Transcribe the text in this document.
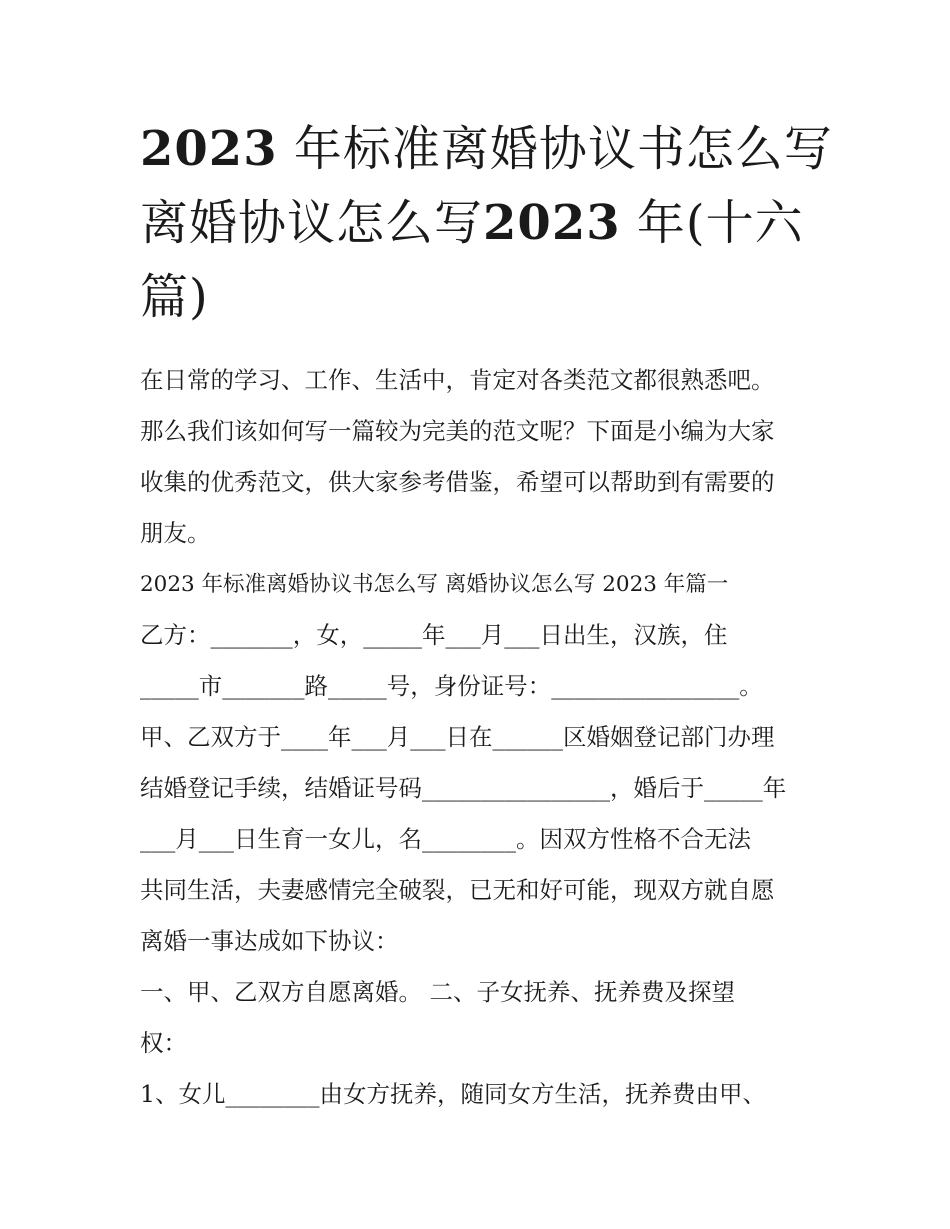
2023 年标准离婚协议书怎么写
离婚协议怎么写2023 年(十六
篇)
在日常的学习、工作、生活中，肯定对各类范文都很熟悉吧。
那么我们该如何写一篇较为完美的范文呢？下面是小编为大家
收集的优秀范文，供大家参考借鉴，希望可以帮助到有需要的
朋友。
2023 年标准离婚协议书怎么写 离婚协议怎么写 2023 年篇一
乙方：_______，女，_____年___月___日出生，汉族，住
_____市_______路_____号，身份证号：________________。
甲、乙双方于____年___月___日在______区婚姻登记部门办理
结婚登记手续，结婚证号码________________，婚后于_____年
___月___日生育一女儿，名________。因双方性格不合无法
共同生活，夫妻感情完全破裂，已无和好可能，现双方就自愿
离婚一事达成如下协议：
一、甲、乙双方自愿离婚。 二、子女抚养、抚养费及探望
权：
1、女儿________由女方抚养，随同女方生活，抚养费由甲、
